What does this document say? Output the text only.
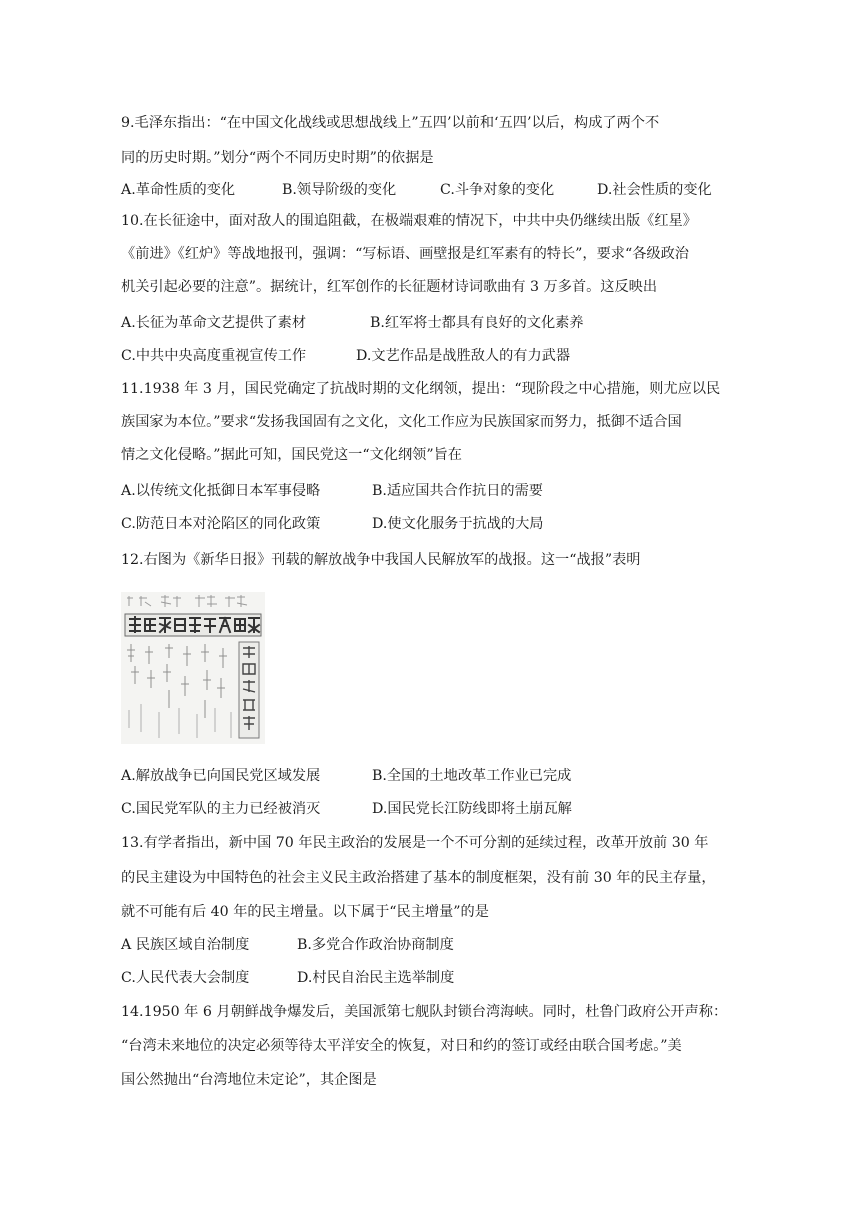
9.毛泽东指出：“在中国文化战线或思想战线上”五四’以前和‘五四’以后，构成了两个不
同的历史时期。”划分“两个不同历史时期”的依据是
A.革命性质的变化	B.领导阶级的变化	C.斗争对象的变化	D.社会性质的变化
10.在长征途中，面对敌人的围追阻截，在极端艰难的情况下，中共中央仍继续出版《红星》
《前进》《红炉》等战地报刊，强调：“写标语、画壁报是红军素有的特长”，要求“各级政治
机关引起必要的注意”。据统计，红军创作的长征题材诗词歌曲有 3 万多首。这反映出
A.长征为革命文艺提供了素材	B.红军将士都具有良好的文化素养
C.中共中央高度重视宣传工作	D.文艺作品是战胜敌人的有力武器
11.1938 年 3 月，国民党确定了抗战时期的文化纲领，提出：“现阶段之中心措施，则尤应以民
族国家为本位。”要求“发扬我国固有之文化，文化工作应为民族国家而努力，抵御不适合国
情之文化侵略。”据此可知，国民党这一“文化纲领”旨在
A.以传统文化抵御日本军事侵略	B.适应国共合作抗日的需要
C.防范日本对沦陷区的同化政策	D.使文化服务于抗战的大局
12.右图为《新华日报》刊载的解放战争中我国人民解放军的战报。这一“战报”表明
A.解放战争已向国民党区域发展	B.全国的土地改革工作业已完成
C.国民党军队的主力已经被消灭	D.国民党长江防线即将土崩瓦解
13.有学者指出，新中国 70 年民主政治的发展是一个不可分割的延续过程，改革开放前 30 年
的民主建设为中国特色的社会主义民主政治搭建了基本的制度框架，没有前 30 年的民主存量，
就不可能有后 40 年的民主增量。以下属于“民主增量”的是
A 民族区域自治制度	B.多党合作政治协商制度
C.人民代表大会制度	D.村民自治民主选举制度
14.1950 年 6 月朝鲜战争爆发后，美国派第七舰队封锁台湾海峡。同时，杜鲁门政府公开声称：
“台湾未来地位的决定必须等待太平洋安全的恢复，对日和约的签订或经由联合国考虑。”美
国公然抛出“台湾地位未定论”，其企图是
